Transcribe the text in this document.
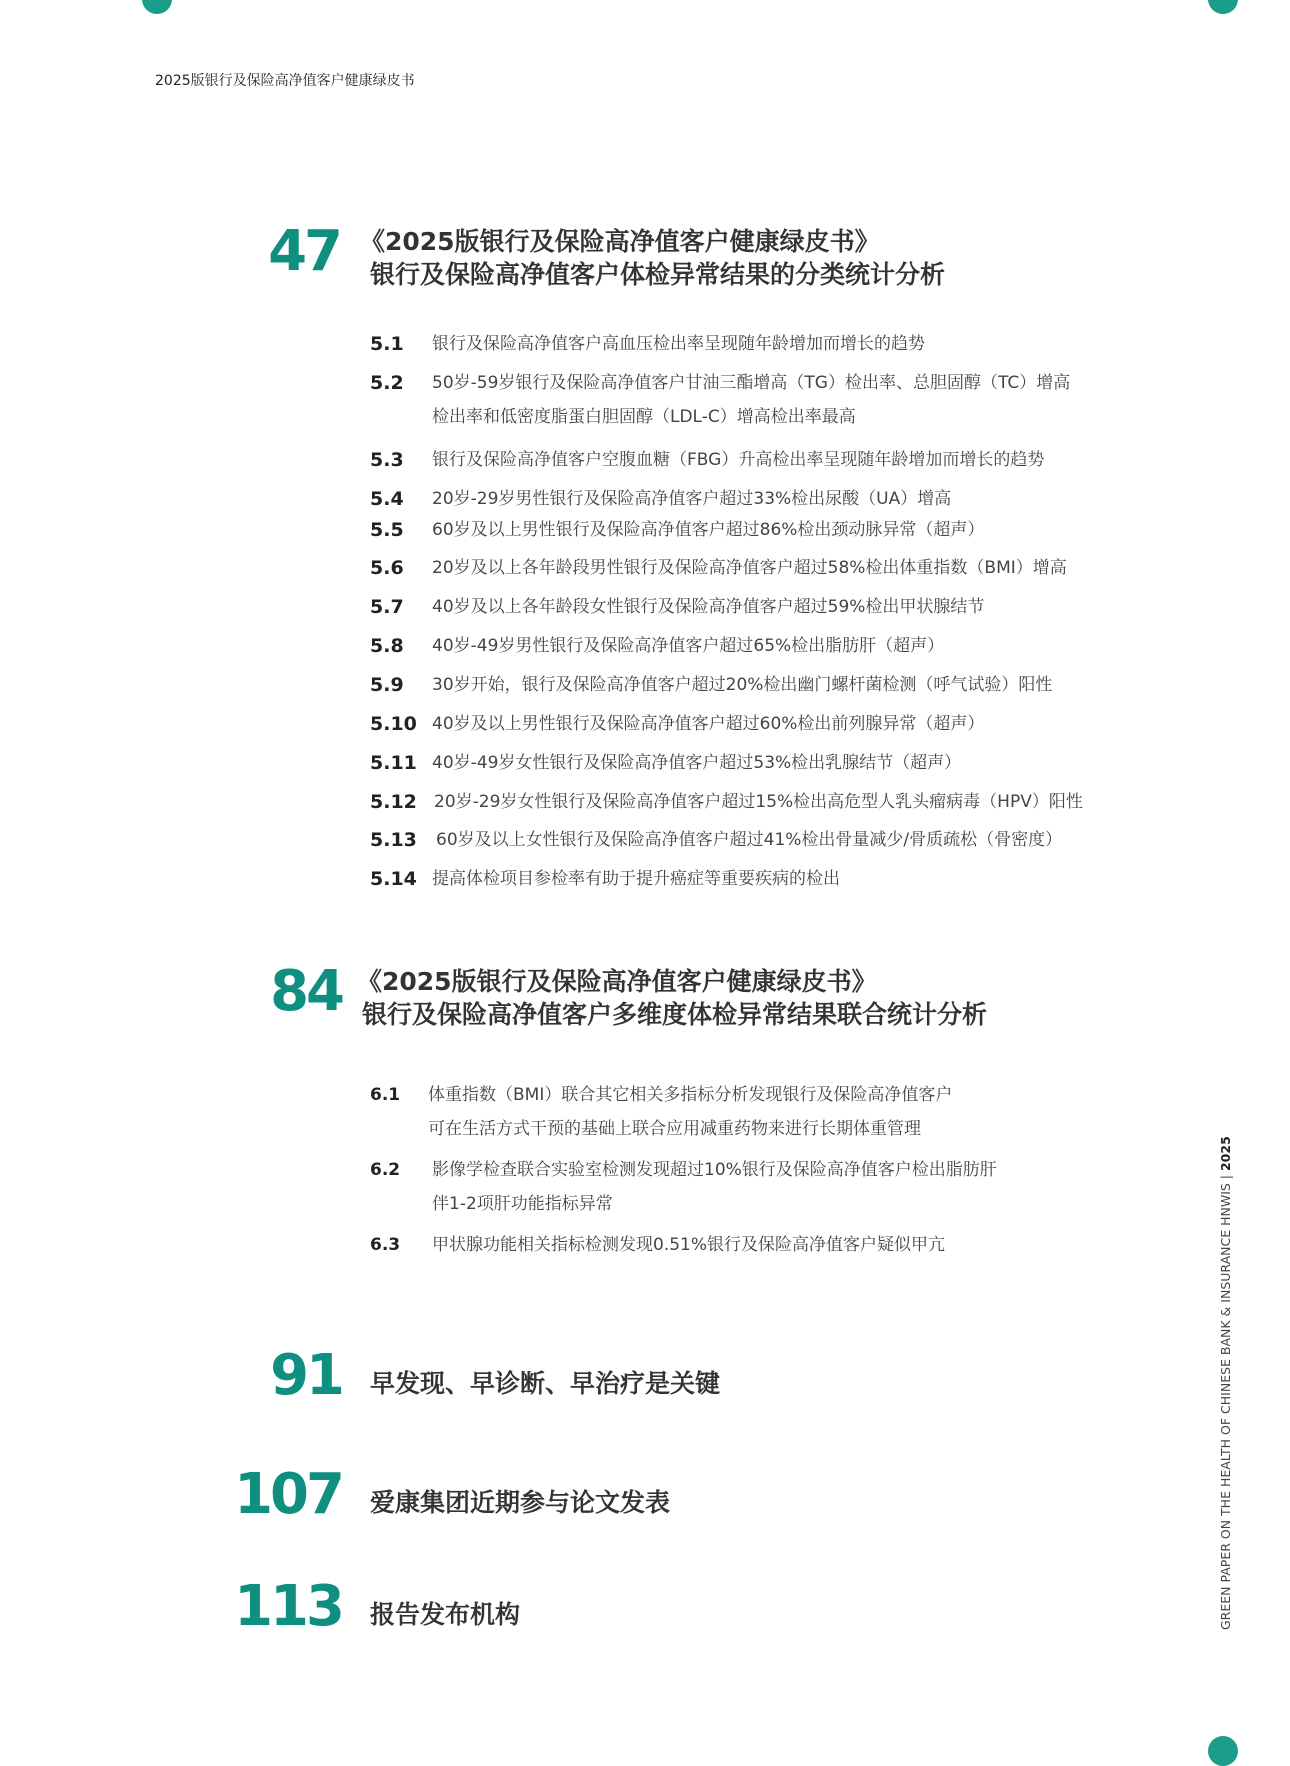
2025版银行及保险高净值客户健康绿皮书
47 《2025版银行及保险高净值客户健康绿皮书》
银行及保险高净值客户体检异常结果的分类统计分析
5.1 银行及保险高净值客户高血压检出率呈现随年龄增加而增长的趋势
5.2 50岁-59岁银行及保险高净值客户甘油三酯增高（TG）检出率、总胆固醇（TC）增高
检出率和低密度脂蛋白胆固醇（LDL-C）增高检出率最高
5.3 银行及保险高净值客户空腹血糖（FBG）升高检出率呈现随年龄增加而增长的趋势
5.4 20岁-29岁男性银行及保险高净值客户超过33%检出尿酸（UA）增高
5.5 60岁及以上男性银行及保险高净值客户超过86%检出颈动脉异常（超声）
5.6 20岁及以上各年龄段男性银行及保险高净值客户超过58%检出体重指数（BMI）增高
5.7 40岁及以上各年龄段女性银行及保险高净值客户超过59%检出甲状腺结节
5.8 40岁-49岁男性银行及保险高净值客户超过65%检出脂肪肝（超声）
5.9 30岁开始，银行及保险高净值客户超过20%检出幽门螺杆菌检测（呼气试验）阳性
5.10 40岁及以上男性银行及保险高净值客户超过60%检出前列腺异常（超声）
5.11 40岁-49岁女性银行及保险高净值客户超过53%检出乳腺结节（超声）
5.12 20岁-29岁女性银行及保险高净值客户超过15%检出高危型人乳头瘤病毒（HPV）阳性
5.13 60岁及以上女性银行及保险高净值客户超过41%检出骨量减少/骨质疏松（骨密度）
5.14 提高体检项目参检率有助于提升癌症等重要疾病的检出
84 《2025版银行及保险高净值客户健康绿皮书》
银行及保险高净值客户多维度体检异常结果联合统计分析
6.1 体重指数（BMI）联合其它相关多指标分析发现银行及保险高净值客户
可在生活方式干预的基础上联合应用减重药物来进行长期体重管理
6.2 影像学检查联合实验室检测发现超过10%银行及保险高净值客户检出脂肪肝
伴1-2项肝功能指标异常
6.3 甲状腺功能相关指标检测发现0.51%银行及保险高净值客户疑似甲亢
91 早发现、早诊断、早治疗是关键
107 爱康集团近期参与论文发表
113 报告发布机构	GREEN PAPER ON THE HEALTH OF CHINESE BANK & INSURANCE HNWIS | 2025
